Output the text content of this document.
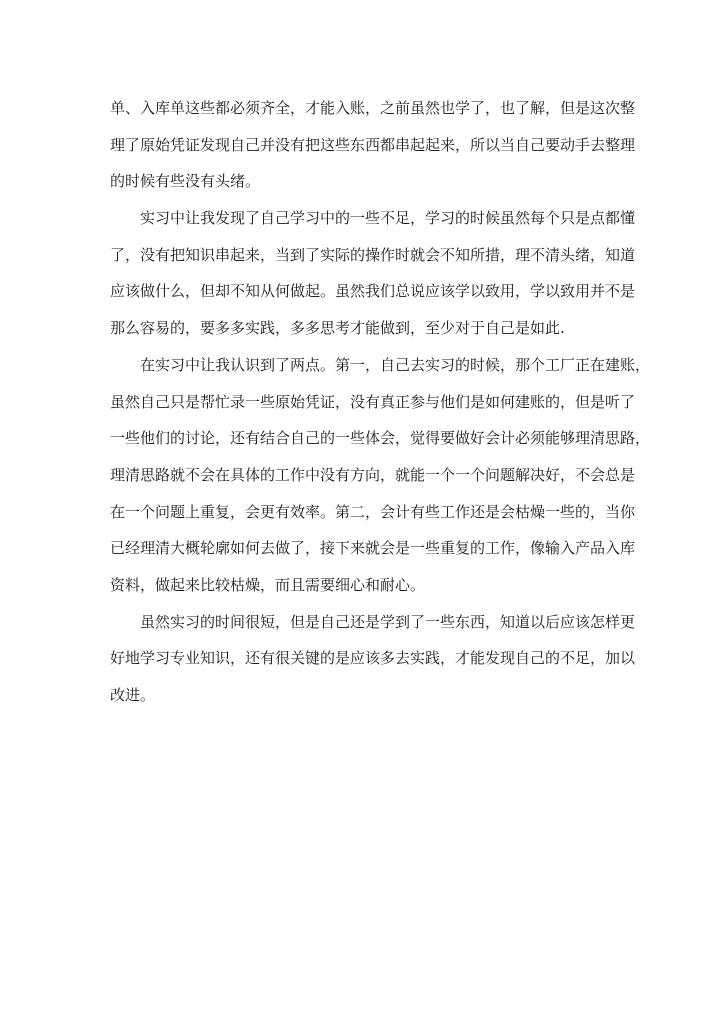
单、入库单这些都必须齐全，才能入账，之前虽然也学了，也了解，但是这次整
理了原始凭证发现自己并没有把这些东西都串起起来，所以当自己要动手去整理
的时候有些没有头绪。
实习中让我发现了自己学习中的一些不足，学习的时候虽然每个只是点都懂
了，没有把知识串起来，当到了实际的操作时就会不知所措，理不清头绪，知道
应该做什么，但却不知从何做起。虽然我们总说应该学以致用，学以致用并不是
那么容易的，要多多实践，多多思考才能做到，至少对于自己是如此.
在实习中让我认识到了两点。第一，自己去实习的时候，那个工厂正在建账，
虽然自己只是帮忙录一些原始凭证，没有真正参与他们是如何建账的，但是听了
一些他们的讨论，还有结合自己的一些体会，觉得要做好会计必须能够理清思路，
理清思路就不会在具体的工作中没有方向，就能一个一个问题解决好，不会总是
在一个问题上重复，会更有效率。第二，会计有些工作还是会枯燥一些的，当你
已经理清大概轮廓如何去做了，接下来就会是一些重复的工作，像输入产品入库
资料，做起来比较枯燥，而且需要细心和耐心。
虽然实习的时间很短，但是自己还是学到了一些东西，知道以后应该怎样更
好地学习专业知识，还有很关键的是应该多去实践，才能发现自己的不足，加以
改进。
